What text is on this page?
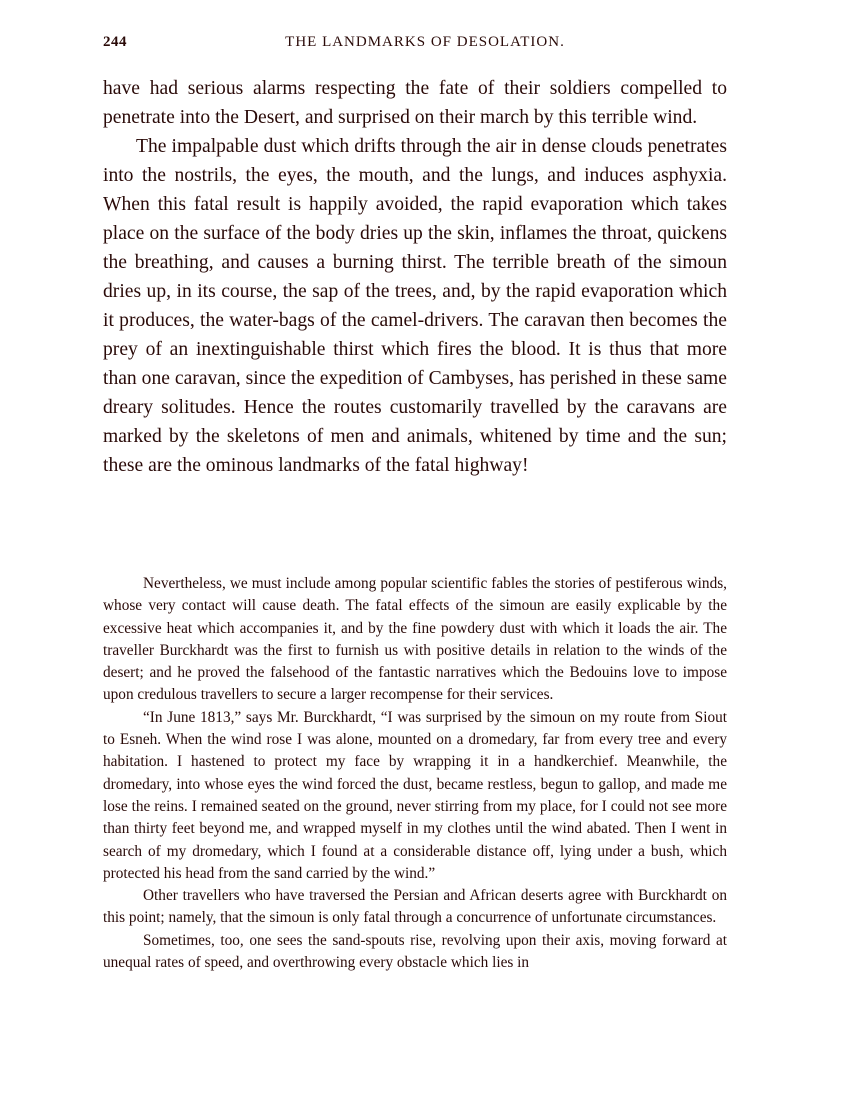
244	THE LANDMARKS OF DESOLATION.

have had serious alarms respecting the fate of their soldiers compelled to penetrate into the Desert, and surprised on their march by this terrible wind.

The impalpable dust which drifts through the air in dense clouds penetrates into the nostrils, the eyes, the mouth, and the lungs, and induces asphyxia. When this fatal result is happily avoided, the rapid evaporation which takes place on the surface of the body dries up the skin, inflames the throat, quickens the breathing, and causes a burning thirst. The terrible breath of the simoun dries up, in its course, the sap of the trees, and, by the rapid evaporation which it produces, the water-bags of the camel-drivers. The caravan then becomes the prey of an inextinguishable thirst which fires the blood. It is thus that more than one caravan, since the expedition of Cambyses, has perished in these same dreary solitudes. Hence the routes customarily travelled by the caravans are marked by the skeletons of men and animals, whitened by time and the sun; these are the ominous landmarks of the fatal highway!

Nevertheless, we must include among popular scientific fables the stories of pestiferous winds, whose very contact will cause death. The fatal effects of the simoun are easily explicable by the excessive heat which accompanies it, and by the fine powdery dust with which it loads the air. The traveller Burckhardt was the first to furnish us with positive details in relation to the winds of the desert; and he proved the falsehood of the fantastic narratives which the Bedouins love to impose upon credulous travellers to secure a larger recompense for their services.

“In June 1813,” says Mr. Burckhardt, “I was surprised by the simoun on my route from Siout to Esneh. When the wind rose I was alone, mounted on a dromedary, far from every tree and every habitation. I hastened to protect my face by wrapping it in a handkerchief. Meanwhile, the dromedary, into whose eyes the wind forced the dust, became restless, begun to gallop, and made me lose the reins. I remained seated on the ground, never stirring from my place, for I could not see more than thirty feet beyond me, and wrapped myself in my clothes until the wind abated. Then I went in search of my dromedary, which I found at a considerable distance off, lying under a bush, which protected his head from the sand carried by the wind.”

Other travellers who have traversed the Persian and African deserts agree with Burckhardt on this point; namely, that the simoun is only fatal through a concurrence of unfortunate circumstances.

Sometimes, too, one sees the sand-spouts rise, revolving upon their axis, moving forward at unequal rates of speed, and overthrowing every obstacle which lies in
